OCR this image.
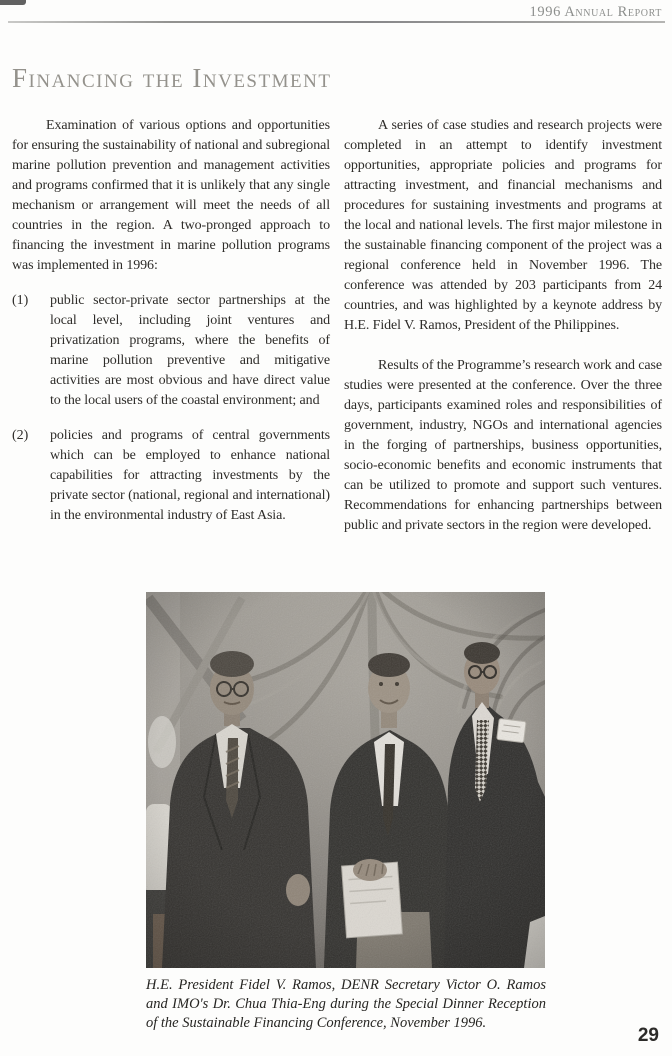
1996 Annual Report
Financing the Investment

Examination of various options and opportunities for ensuring the sustainability of national and subregional marine pollution prevention and management activities and programs confirmed that it is unlikely that any single mechanism or arrangement will meet the needs of all countries in the region. A two-pronged approach to financing the investment in marine pollution programs was implemented in 1996:

(1)	public sector-private sector partnerships at the local level, including joint ventures and privatization programs, where the benefits of marine pollution preventive and mitigative activities are most obvious and have direct value to the local users of the coastal environment; and

(2)	policies and programs of central governments which can be employed to enhance national capabilities for attracting investments by the private sector (national, regional and international) in the environmental industry of East Asia.

A series of case studies and research projects were completed in an attempt to identify investment opportunities, appropriate policies and programs for attracting investment, and financial mechanisms and procedures for sustaining investments and programs at the local and national levels. The first major milestone in the sustainable financing component of the project was a regional conference held in November 1996. The conference was attended by 203 participants from 24 countries, and was highlighted by a keynote address by H.E. Fidel V. Ramos, President of the Philippines.

Results of the Programme’s research work and case studies were presented at the conference. Over the three days, participants examined roles and responsibilities of government, industry, NGOs and international agencies in the forging of partnerships, business opportunities, socio-economic benefits and economic instruments that can be utilized to promote and support such ventures. Recommendations for enhancing partnerships between public and private sectors in the region were developed.

H.E. President Fidel V. Ramos, DENR Secretary Victor O. Ramos and IMO's Dr. Chua Thia-Eng during the Special Dinner Reception of the Sustainable Financing Conference, November 1996.

29
